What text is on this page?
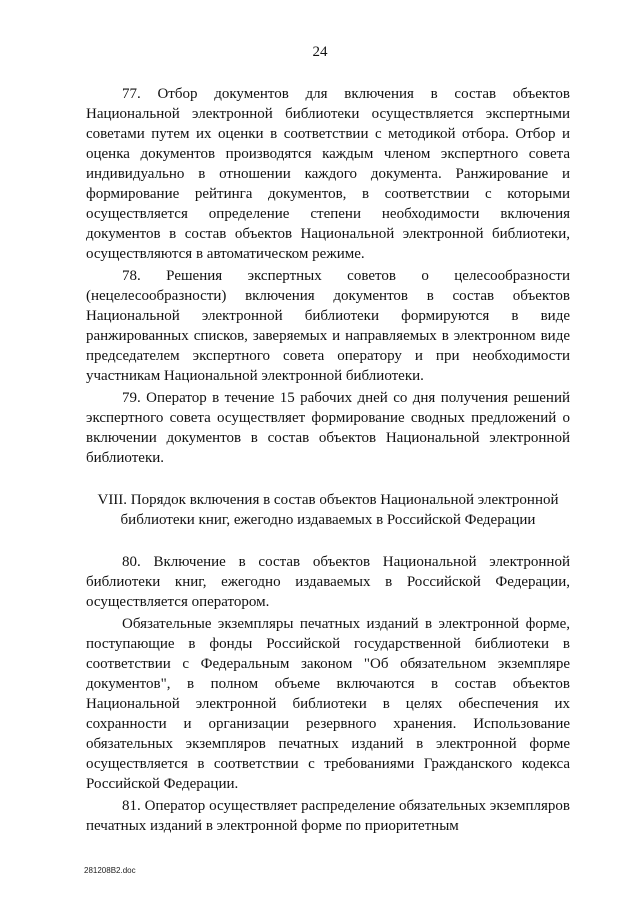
24

77. Отбор документов для включения в состав объектов Национальной электронной библиотеки осуществляется экспертными советами путем их оценки в соответствии с методикой отбора. Отбор и оценка документов производятся каждым членом экспертного совета индивидуально в отношении каждого документа. Ранжирование и формирование рейтинга документов, в соответствии с которыми осуществляется определение степени необходимости включения документов в состав объектов Национальной электронной библиотеки, осуществляются в автоматическом режиме.

78. Решения экспертных советов о целесообразности (нецелесообразности) включения документов в состав объектов Национальной электронной библиотеки формируются в виде ранжированных списков, заверяемых и направляемых в электронном виде председателем экспертного совета оператору и при необходимости участникам Национальной электронной библиотеки.

79. Оператор в течение 15 рабочих дней со дня получения решений экспертного совета осуществляет формирование сводных предложений о включении документов в состав объектов Национальной электронной библиотеки.

VIII. Порядок включения в состав объектов Национальной электронной
библиотеки книг, ежегодно издаваемых в Российской Федерации

80. Включение в состав объектов Национальной электронной библиотеки книг, ежегодно издаваемых в Российской Федерации, осуществляется оператором.

Обязательные экземпляры печатных изданий в электронной форме, поступающие в фонды Российской государственной библиотеки в соответствии с Федеральным законом "Об обязательном экземпляре документов", в полном объеме включаются в состав объектов Национальной электронной библиотеки в целях обеспечения их сохранности и организации резервного хранения. Использование обязательных экземпляров печатных изданий в электронной форме осуществляется в соответствии с требованиями Гражданского кодекса Российской Федерации.

81. Оператор осуществляет распределение обязательных экземпляров печатных изданий в электронной форме по приоритетным

281208B2.doc
